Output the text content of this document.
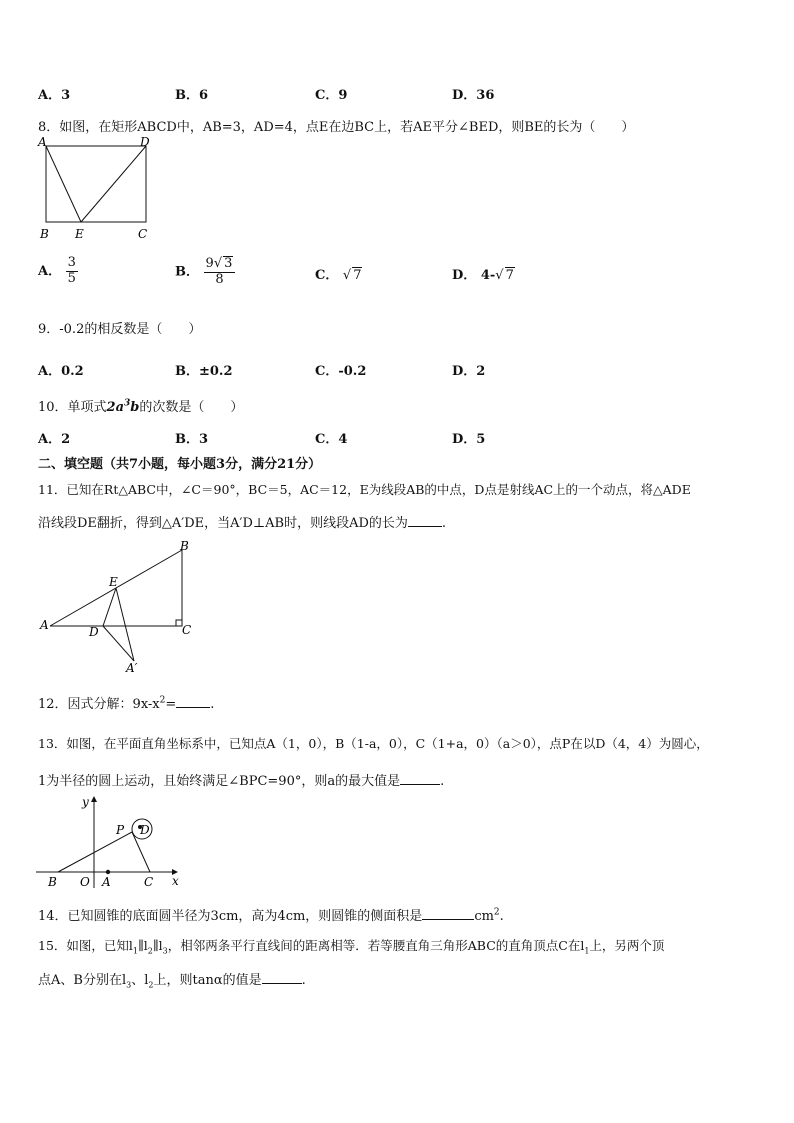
A．3	B．6	C．9	D．36
8．如图，在矩形ABCD中，AB=3，AD=4，点E在边BC上，若AE平分∠BED，则BE的长为（　　）
A	D
B E	C
A． $\frac{3}{5}$	B． $\frac{9√ 3}{8}$	C． √ 7	D． 4-√ 7
9．-0.2的相反数是（　　）
A．0.2	B．±0.2	C．-0.2	D．2
10．单项式$2a^3b$的次数是（　　）
A．2	B．3	C．4	D．5
二、填空题（共7小题，每小题3分，满分21分）
11．已知在Rt△ABC中，∠C＝90°，BC＝5，AC＝12，E为线段AB的中点，D点是射线AC上的一个动点，将△ADE
沿线段DE翻折，得到△A′DE，当A′D⊥AB时，则线段AD的长为	.
B
E
A	D	C
A′
12．因式分解：$9x-x^2=$	.
13．如图，在平面直角坐标系中，已知点A（1，0），B（1-a，0），C（1+a，0）（a＞0），点P在以D（4，4）为圆心，
1为半径的圆上运动，且始终满足∠BPC=90°，则a的最大值是	.
y
P D
B O A	C x
14．已知圆锥的底面圆半径为3cm，高为4cm，则圆锥的侧面积是	$cm^2$.
15．如图，已知$l_1\parallel l_2\parallel l_3$，相邻两条平行直线间的距离相等．若等腰直角三角形ABC的直角顶点C在$l_1$上，另两个顶
点A、B分别在$l_3$、$l_2$上，则tanα的值是	.
